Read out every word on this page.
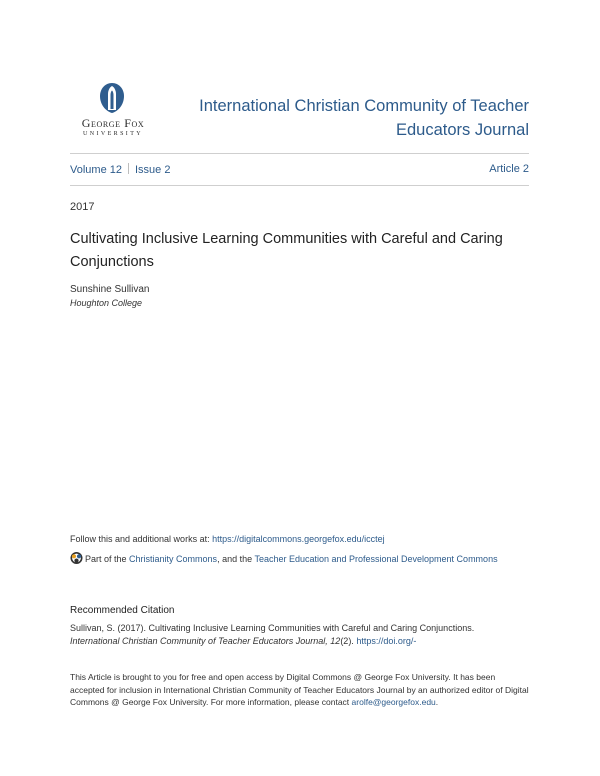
George Fox
UNIVERSITY
International Christian Community of Teacher Educators Journal
Volume 12 Issue 2	Article 2
2017
Cultivating Inclusive Learning Communities with Careful and Caring Conjunctions
Sunshine Sullivan
Houghton College
Follow this and additional works at: https://digitalcommons.georgefox.edu/icctej
Part of the Christianity Commons, and the Teacher Education and Professional Development Commons
Recommended Citation
Sullivan, S. (2017). Cultivating Inclusive Learning Communities with Careful and Caring Conjunctions.
International Christian Community of Teacher Educators Journal, 12(2). https://doi.org/-
This Article is brought to you for free and open access by Digital Commons @ George Fox University. It has been accepted for inclusion in International Christian Community of Teacher Educators Journal by an authorized editor of Digital Commons @ George Fox University. For more information, please contact arolfe@georgefox.edu.
